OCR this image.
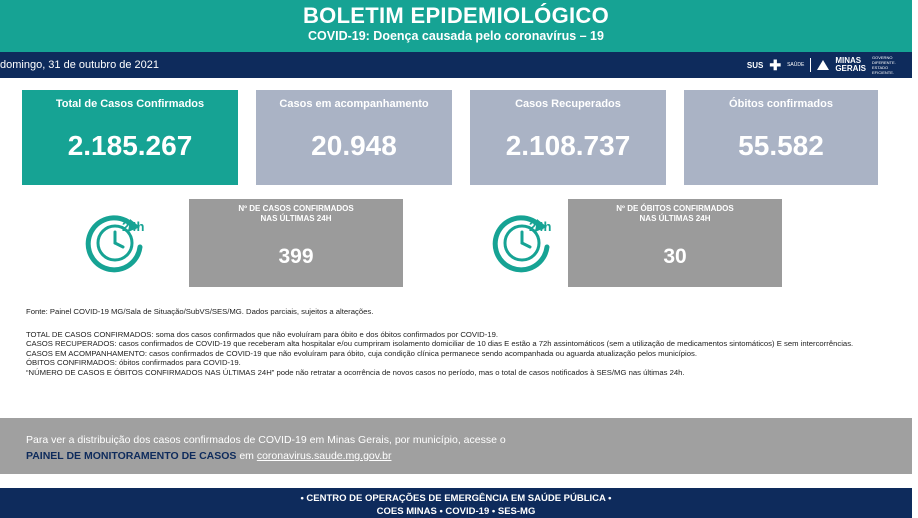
BOLETIM EPIDEMIOLÓGICO
COVID-19: Doença causada pelo coronavírus – 19
domingo, 31 de outubro de 2021	SUS ✚ SAÚDE	MINAS
GERAIS
GOVERNO DIFERENTE. ESTADO EFICIENTE.
Total de Casos Confirmados
2.185.267
Casos em acompanhamento
20.948
Casos Recuperados
2.108.737
Óbitos confirmados
55.582
24h
Nº DE CASOS CONFIRMADOS
NAS ÚLTIMAS 24H
399
24h
Nº DE ÓBITOS CONFIRMADOS
NAS ÚLTIMAS 24H
30

Fonte: Painel COVID-19 MG/Sala de Situação/SubVS/SES/MG. Dados parciais, sujeitos a alterações.

TOTAL DE CASOS CONFIRMADOS: soma dos casos confirmados que não evoluíram para óbito e dos óbitos confirmados por COVID-19.

CASOS RECUPERADOS: casos confirmados de COVID-19 que receberam alta hospitalar e/ou cumpriram isolamento domiciliar de 10 dias E estão a 72h assintomáticos (sem a utilização de medicamentos sintomáticos) E sem intercorrências.

CASOS EM ACOMPANHAMENTO: casos confirmados de COVID-19 que não evoluíram para óbito, cuja condição clínica permanece sendo acompanhada ou aguarda atualização pelos municípios.

ÓBITOS CONFIRMADOS: óbitos confirmados para COVID-19.

“NÚMERO DE CASOS E ÓBITOS CONFIRMADOS NAS ÚLTIMAS 24H” pode não retratar a ocorrência de novos casos no período, mas o total de casos notificados à SES/MG nas últimas 24h.

Para ver a distribuição dos casos confirmados de COVID-19 em Minas Gerais, por município, acesse o
PAINEL DE MONITORAMENTO DE CASOS em coronavirus.saude.mg.gov.br
• CENTRO DE OPERAÇÕES DE EMERGÊNCIA EM SAÚDE PÚBLICA •
COES MINAS • COVID-19 • SES-MG
